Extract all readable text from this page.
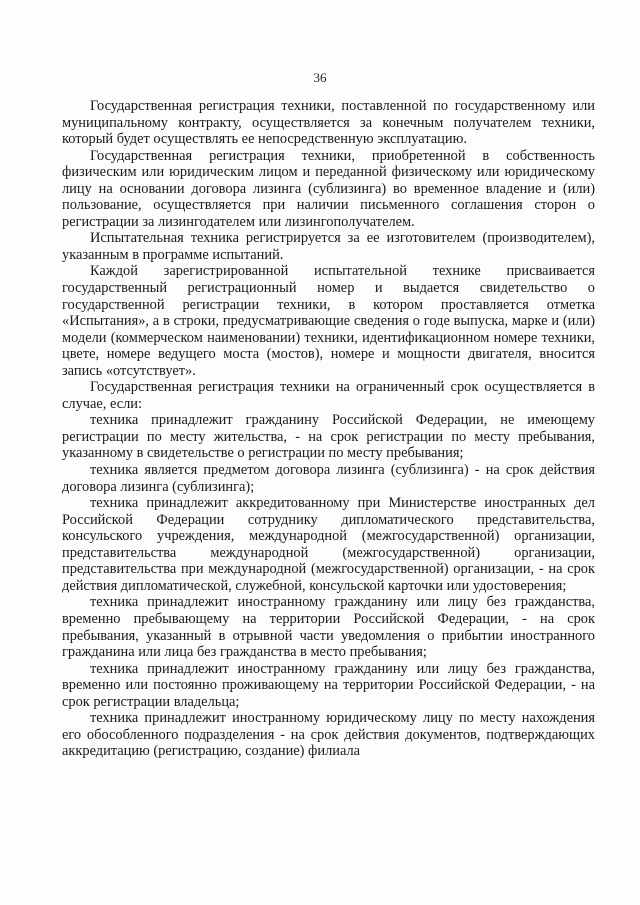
36

Государственная регистрация техники, поставленной по государственному или муниципальному контракту, осуществляется за конечным получателем техники, который будет осуществлять ее непосредственную эксплуатацию.

Государственная регистрация техники, приобретенной в собственность физическим или юридическим лицом и переданной физическому или юридическому лицу на основании договора лизинга (сублизинга) во временное владение и (или) пользование, осуществляется при наличии письменного соглашения сторон о регистрации за лизингодателем или лизингополучателем.

Испытательная техника регистрируется за ее изготовителем (производителем), указанным в программе испытаний.

Каждой зарегистрированной испытательной технике присваивается государственный регистрационный номер и выдается свидетельство о государственной регистрации техники, в котором проставляется отметка «Испытания», а в строки, предусматривающие сведения о годе выпуска, марке и (или) модели (коммерческом наименовании) техники, идентификационном номере техники, цвете, номере ведущего моста (мостов), номере и мощности двигателя, вносится запись «отсутствует».

Государственная регистрация техники на ограниченный срок осуществляется в случае, если:

техника принадлежит гражданину Российской Федерации, не имеющему регистрации по месту жительства, - на срок регистрации по месту пребывания, указанному в свидетельстве о регистрации по месту пребывания;

техника является предметом договора лизинга (сублизинга) - на срок действия договора лизинга (сублизинга);

техника принадлежит аккредитованному при Министерстве иностранных дел Российской Федерации сотруднику дипломатического представительства, консульского учреждения, международной (межгосударственной) организации, представительства международной (межгосударственной) организации, представительства при международной (межгосударственной) организации, - на срок действия дипломатической, служебной, консульской карточки или удостоверения;

техника принадлежит иностранному гражданину или лицу без гражданства, временно пребывающему на территории Российской Федерации, - на срок пребывания, указанный в отрывной части уведомления о прибытии иностранного гражданина или лица без гражданства в место пребывания;

техника принадлежит иностранному гражданину или лицу без гражданства, временно или постоянно проживающему на территории Российской Федерации, - на срок регистрации владельца;

техника принадлежит иностранному юридическому лицу по месту нахождения его обособленного подразделения - на срок действия документов, подтверждающих аккредитацию (регистрацию, создание) филиала
